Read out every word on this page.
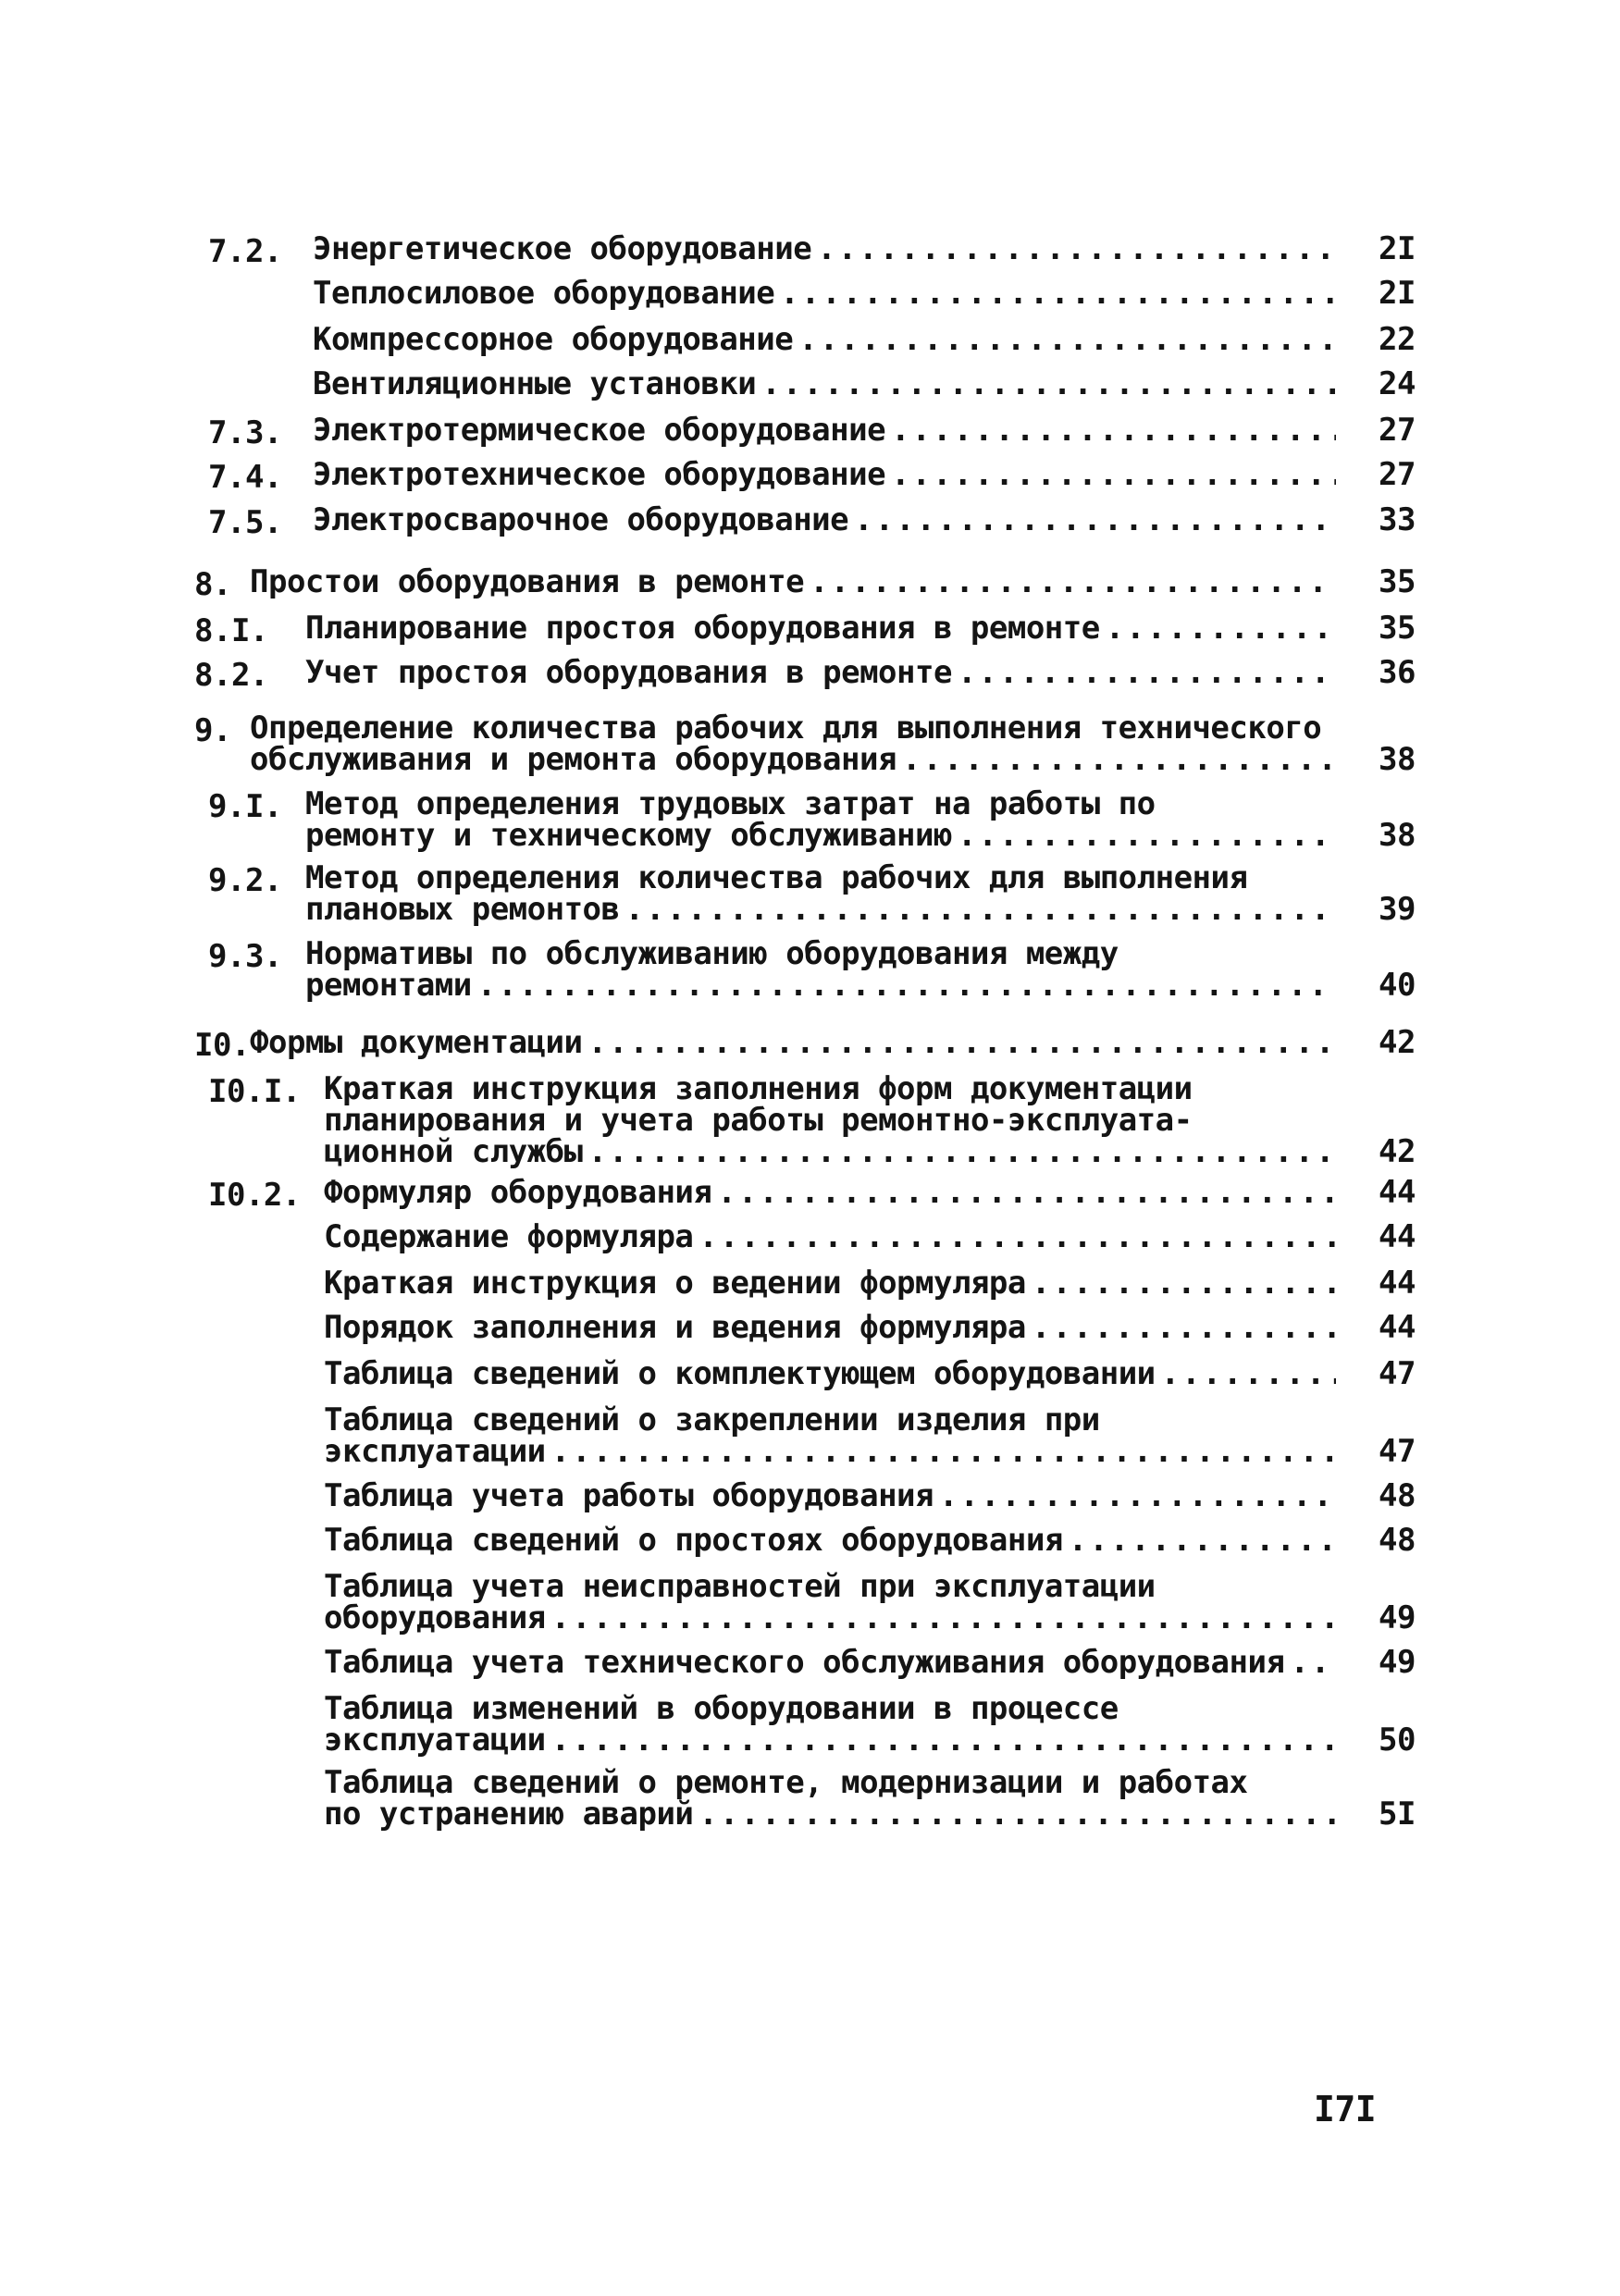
7.2. Энергетическое оборудование .....	2I
Теплосиловое оборудование .....	2I
Компрессорное оборудование .....	22
Вентиляционные установки .....	24
7.3. Электротермическое оборудование .....	27
7.4. Электротехническое оборудование .....	27
7.5. Электросварочное оборудование .....	33
8. Простои оборудования в ремонте .....	35
8.I. Планирование простоя оборудования в ремонте .....	35
8.2. Учет простоя оборудования в ремонте .....	36
9. Определение количества рабочих для выполнения технического
обслуживания и ремонта оборудования .....	38
9.I. Метод определения трудовых затрат на работы по
ремонту и техническому обслуживанию .....	38
9.2. Метод определения количества рабочих для выполнения
плановых ремонтов .....	39
9.3. Нормативы по обслуживанию оборудования между
ремонтами .....	40
I0. Формы документации .....	42
I0.I. Краткая инструкция заполнения форм документации
планирования и учета работы ремонтно-эксплуата-
ционной службы .....	42
I0.2. Формуляр оборудования .....	44
Содержание формуляра .....	44
Краткая инструкция о ведении формуляра .....	44
Порядок заполнения и ведения формуляра .....	44
Таблица сведений о комплектующем оборудовании .....	47
Таблица сведений о закреплении изделия при
эксплуатации .....	47
Таблица учета работы оборудования .....	48
Таблица сведений о простоях оборудования .....	48
Таблица учета неисправностей при эксплуатации
оборудования .....	49
Таблица учета технического обслуживания оборудования .....	49
Таблица изменений в оборудовании в процессе
эксплуатации .....	50
Таблица сведений о ремонте, модернизации и работах
по устранению аварий .....	5I
I7I
